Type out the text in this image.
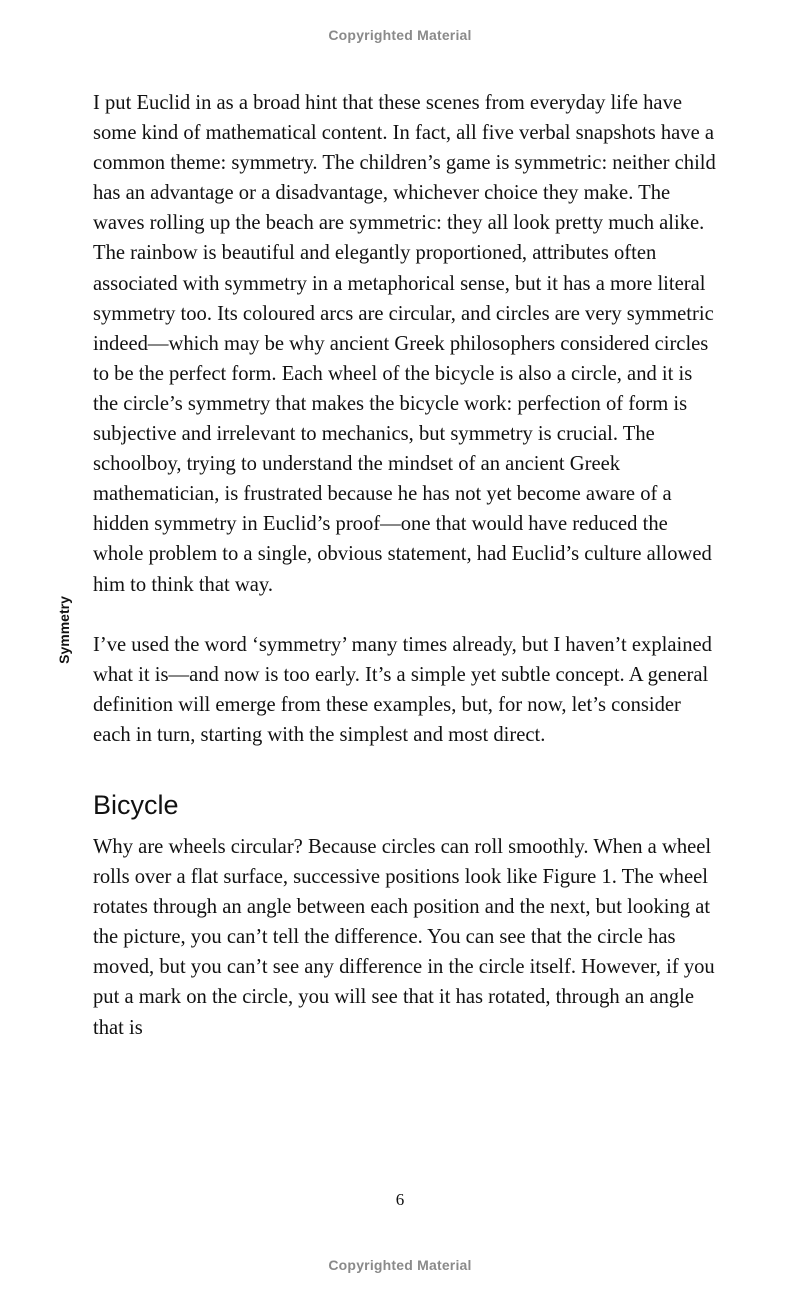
Copyrighted Material
Symmetry

I put Euclid in as a broad hint that these scenes from everyday life have some kind of mathematical content. In fact, all five verbal snapshots have a common theme: symmetry. The children’s game is symmetric: neither child has an advantage or a disadvantage, whichever choice they make. The waves rolling up the beach are symmetric: they all look pretty much alike. The rainbow is beautiful and elegantly proportioned, attributes often associated with symmetry in a metaphorical sense, but it has a more literal symmetry too. Its coloured arcs are circular, and circles are very symmetric indeed—which may be why ancient Greek philosophers considered circles to be the perfect form. Each wheel of the bicycle is also a circle, and it is the circle’s symmetry that makes the bicycle work: perfection of form is subjective and irrelevant to mechanics, but symmetry is crucial. The schoolboy, trying to understand the mindset of an ancient Greek mathematician, is frustrated because he has not yet become aware of a hidden symmetry in Euclid’s proof—one that would have reduced the whole problem to a single, obvious statement, had Euclid’s culture allowed him to think that way.

I’ve used the word ‘symmetry’ many times already, but I haven’t explained what it is—and now is too early. It’s a simple yet subtle concept. A general definition will emerge from these examples, but, for now, let’s consider each in turn, starting with the simplest and most direct.

Bicycle

Why are wheels circular? Because circles can roll smoothly. When a wheel rolls over a flat surface, successive positions look like Figure 1. The wheel rotates through an angle between each position and the next, but looking at the picture, you can’t tell the difference. You can see that the circle has moved, but you can’t see any difference in the circle itself. However, if you put a mark on the circle, you will see that it has rotated, through an angle that is

6
Copyrighted Material
